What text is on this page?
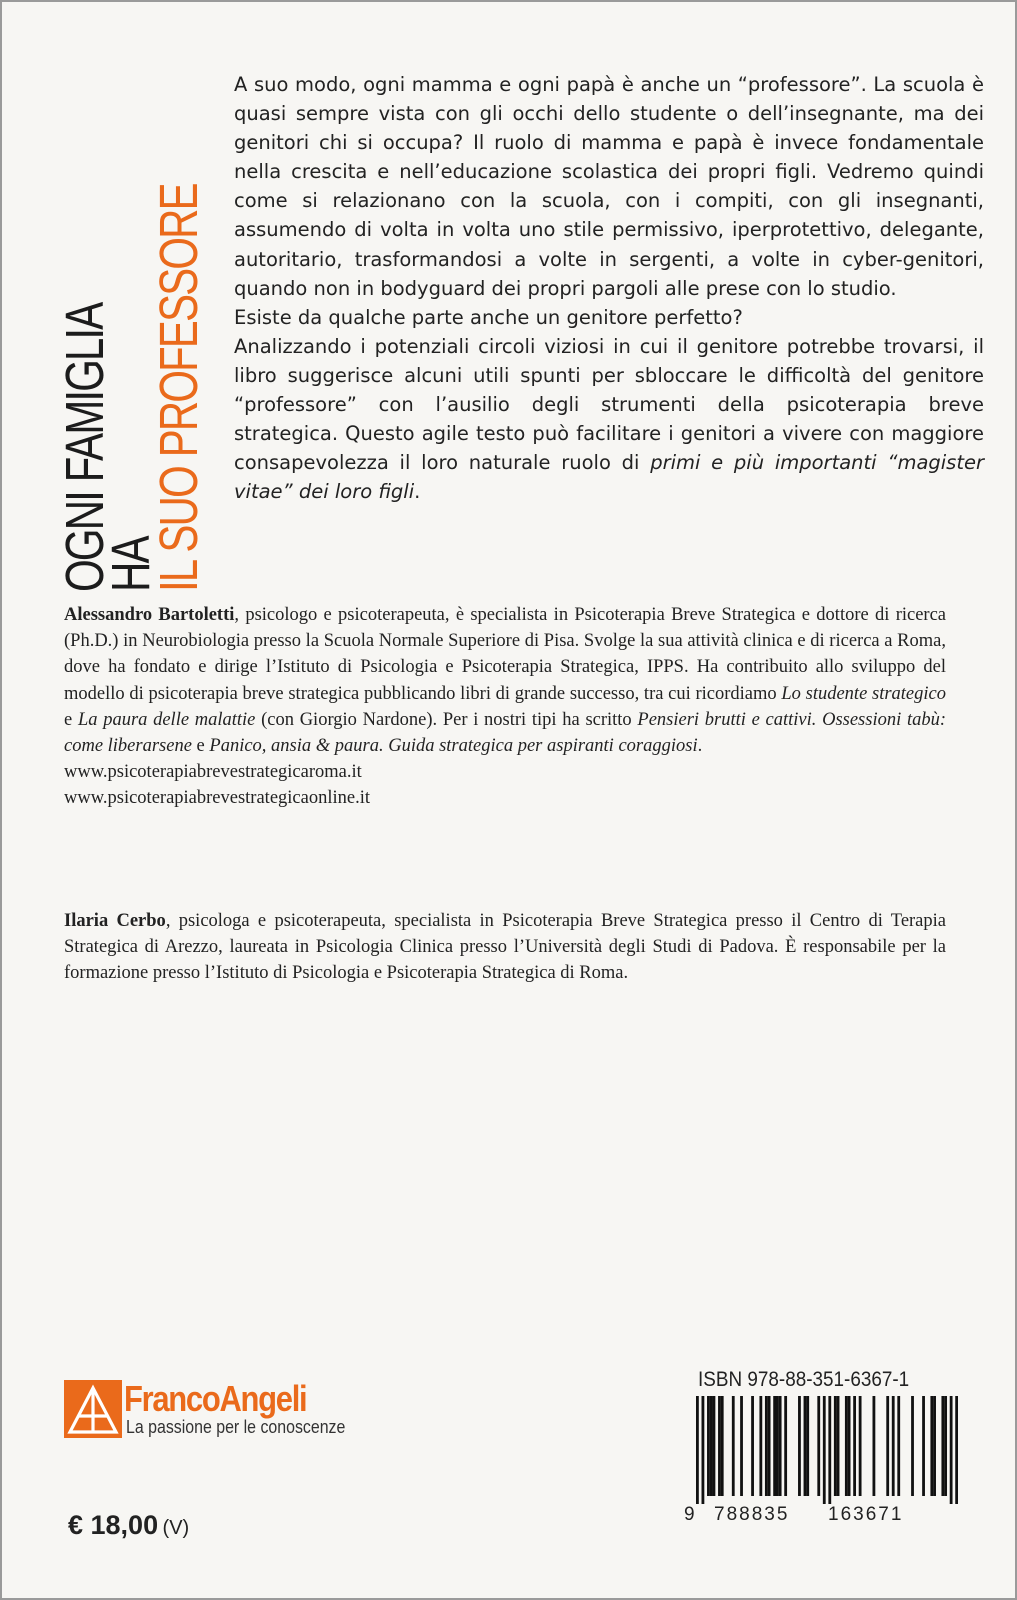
OGNI FAMIGLIA
HA
IL SUO PROFESSORE

A suo modo, ogni mamma e ogni papà è anche un “professore”. La scuola è quasi sempre vista con gli occhi dello studente o dell’insegnante, ma dei genitori chi si occupa? Il ruolo di mamma e papà è invece fondamentale nella crescita e nell’educazione scolastica dei propri figli. Vedremo quindi come si relazionano con la scuola, con i compiti, con gli insegnanti, assumendo di volta in volta uno stile permissivo, iperprotettivo, delegante, autoritario, trasformandosi a volte in sergenti, a volte in cyber-genitori, quando non in bodyguard dei propri pargoli alle prese con lo studio.

Esiste da qualche parte anche un genitore perfetto?

Analizzando i potenziali circoli viziosi in cui il genitore potrebbe trovarsi, il libro suggerisce alcuni utili spunti per sbloccare le difficoltà del genitore “professore” con l’ausilio degli strumenti della psicoterapia breve strategica. Questo agile testo può facilitare i genitori a vivere con maggiore consapevolezza il loro naturale ruolo di primi e più importanti “magister vitae” dei loro figli.

Alessandro Bartoletti, psicologo e psicoterapeuta, è specialista in Psicoterapia Breve Strategica e dottore di ricerca (Ph.D.) in Neurobiologia presso la Scuola Normale Superiore di Pisa. Svolge la sua attività clinica e di ricerca a Roma, dove ha fondato e dirige l’Istituto di Psicologia e Psicoterapia Strategica, IPPS. Ha contribuito allo sviluppo del modello di psicoterapia breve strategica pubblicando libri di grande successo, tra cui ricordiamo Lo studente strategico e La paura delle malattie (con Giorgio Nardone). Per i nostri tipi ha scritto Pensieri brutti e cattivi. Ossessioni tabù: come liberarsene e Panico, ansia & paura. Guida strategica per aspiranti coraggiosi.

www.psicoterapiabrevestrategicaroma.it

www.psicoterapiabrevestrategicaonline.it

Ilaria Cerbo, psicologa e psicoterapeuta, specialista in Psicoterapia Breve Strategica presso il Centro di Terapia Strategica di Arezzo, laureata in Psicologia Clinica presso l’Università degli Studi di Padova. È responsabile per la formazione presso l’Istituto di Psicologia e Psicoterapia Strategica di Roma.

FrancoAngeli
La passione per le conoscenze
€ 18,00 (V)
ISBN 978-88-351-6367-1
9 788835 163671
